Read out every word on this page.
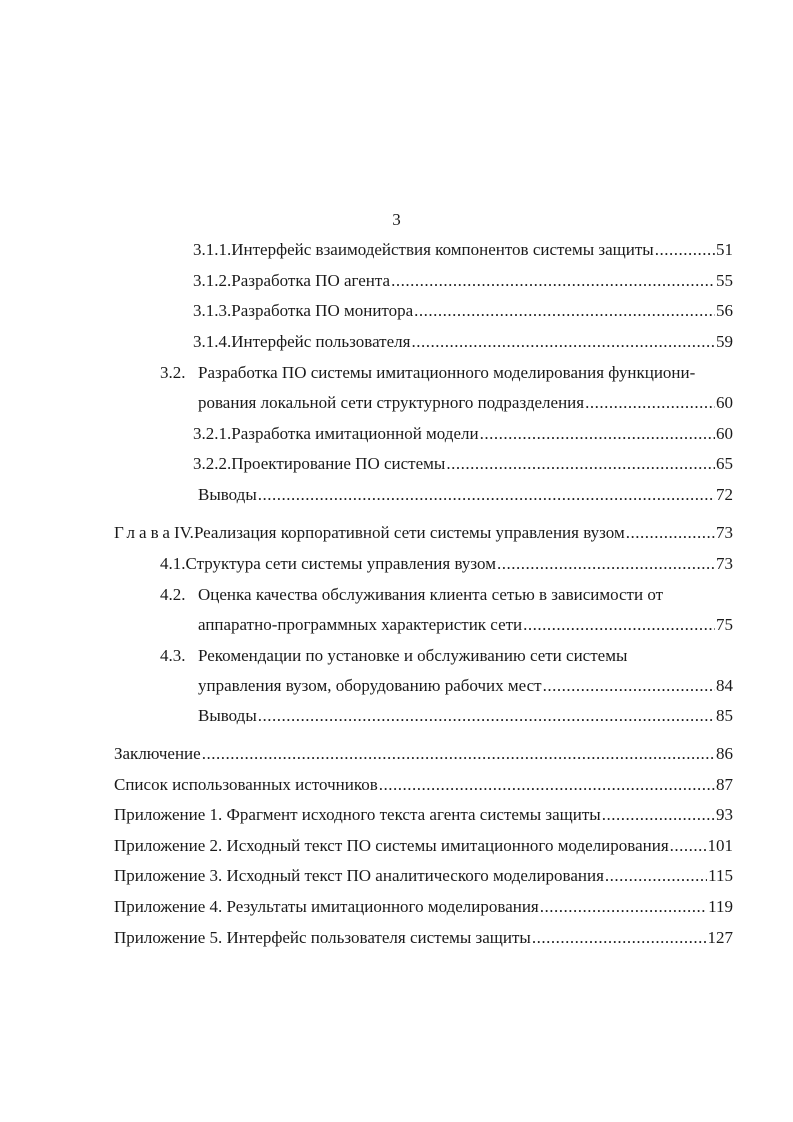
3
3.1.1. Интерфейс взаимодействия компонентов системы защиты .....	51
3.1.2. Разработка ПО агента .....	55
3.1.3. Разработка ПО монитора .....	56
3.1.4. Интерфейс пользователя .....	59
3.2. Разработка ПО системы имитационного моделирования функциони-
рования локальной сети структурного подразделения .....	60
3.2.1. Разработка имитационной модели .....	60
3.2.2. Проектирование ПО системы .....	65
Выводы .....	72
Глава IV. Реализация корпоративной сети системы управления вузом .....	73
4.1. Структура сети системы управления вузом .....	73
4.2. Оценка качества обслуживания клиента сетью в зависимости от
аппаратно-программных характеристик сети .....	75
4.3. Рекомендации по установке и обслуживанию сети системы
управления вузом, оборудованию рабочих мест .....	84
Выводы .....	85
Заключение .....	86
Список использованных источников .....	87
Приложение 1. Фрагмент исходного текста агента системы защиты .....	93
Приложение 2. Исходный текст ПО системы имитационного моделирования ..... 101
Приложение 3. Исходный текст ПО аналитического моделирования .....	115
Приложение 4. Результаты имитационного моделирования .....	119
Приложение 5. Интерфейс пользователя системы защиты .....	127
